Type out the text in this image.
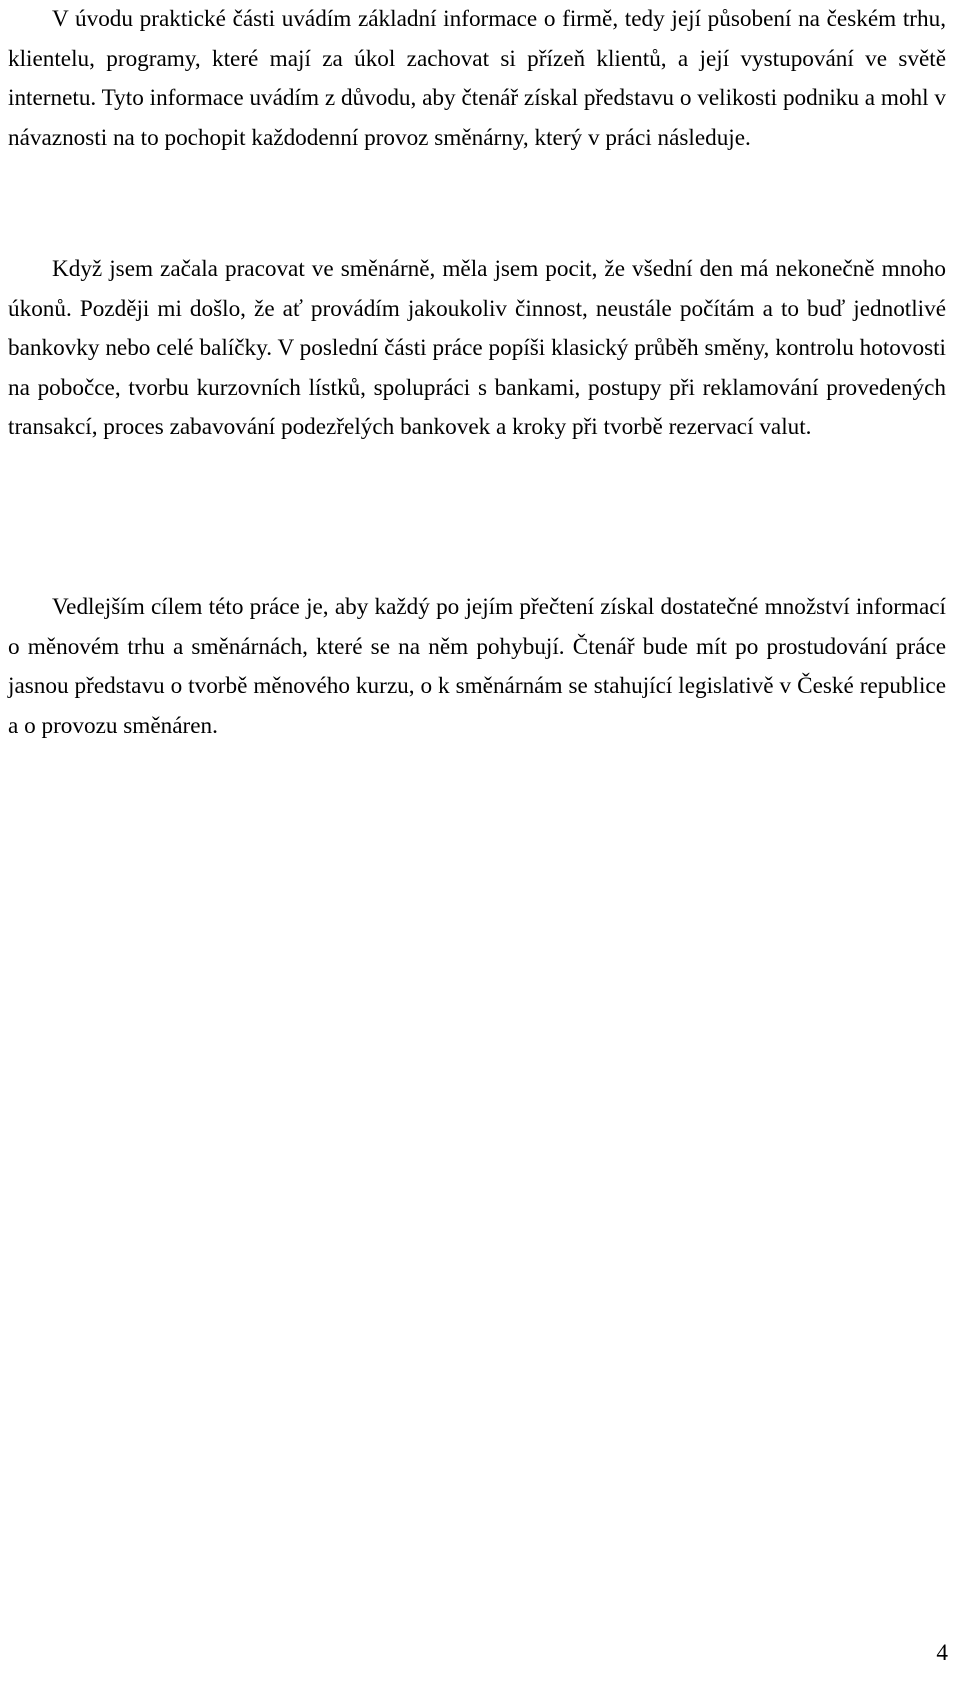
V úvodu praktické části uvádím základní informace o firmě, tedy její působení na českém trhu, klientelu, programy, které mají za úkol zachovat si přízeň klientů, a její vystupování ve světě internetu. Tyto informace uvádím z důvodu, aby čtenář získal představu o velikosti podniku a mohl v návaznosti na to pochopit každodenní provoz směnárny, který v práci následuje.

Když jsem začala pracovat ve směnárně, měla jsem pocit, že všední den má nekonečně mnoho úkonů. Později mi došlo, že ať provádím jakoukoliv činnost, neustále počítám a to buď jednotlivé bankovky nebo celé balíčky. V poslední části práce popíši klasický průběh směny, kontrolu hotovosti na pobočce, tvorbu kurzovních lístků, spolupráci s bankami, postupy při reklamování provedených transakcí, proces zabavování podezřelých bankovek a kroky při tvorbě rezervací valut.

Vedlejším cílem této práce je, aby každý po jejím přečtení získal dostatečné množství informací o měnovém trhu a směnárnách, které se na něm pohybují. Čtenář bude mít po prostudování práce jasnou představu o tvorbě měnového kurzu, o k směnárnám se stahující legislativě v České republice a o provozu směnáren.

4
